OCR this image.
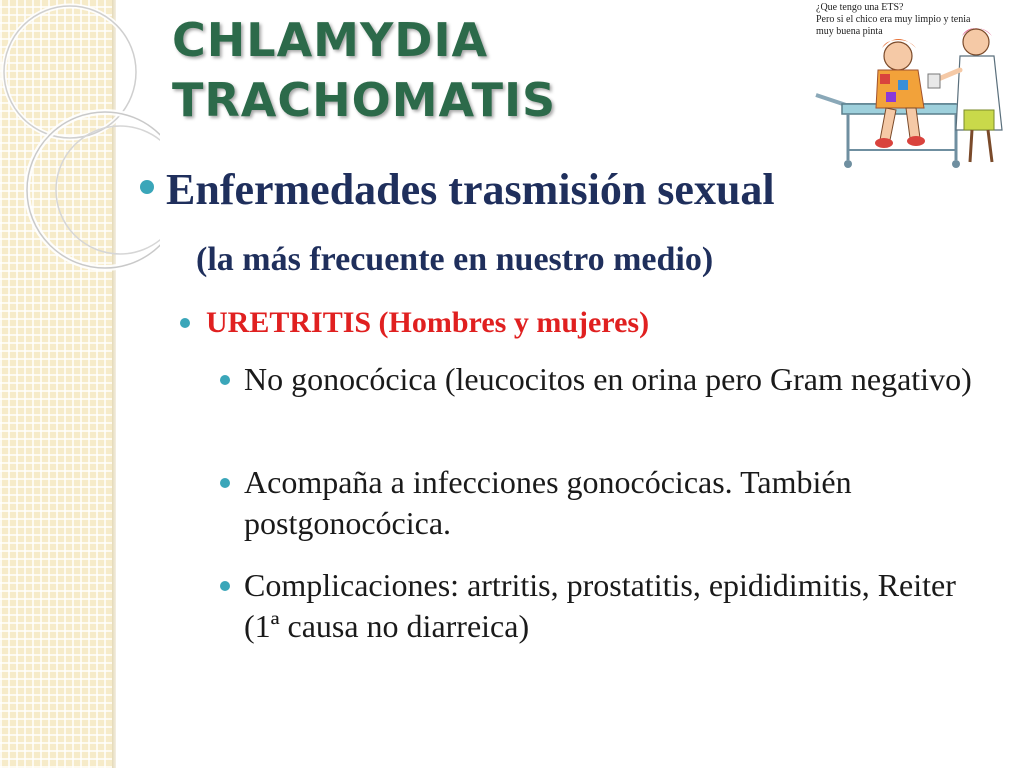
CHLAMYDIA
TRACHOMATIS
¿Que tengo una ETS?
Pero si el chico era muy limpio y tenia
muy buena pinta
Enfermedades trasmisión sexual
(la más frecuente en nuestro medio)
URETRITIS (Hombres y mujeres)
No gonocócica (leucocitos en orina pero Gram negativo)
Acompaña a infecciones gonocócicas. También postgonocócica.
Complicaciones: artritis, prostatitis, epididimitis, Reiter (1ª causa no diarreica)
